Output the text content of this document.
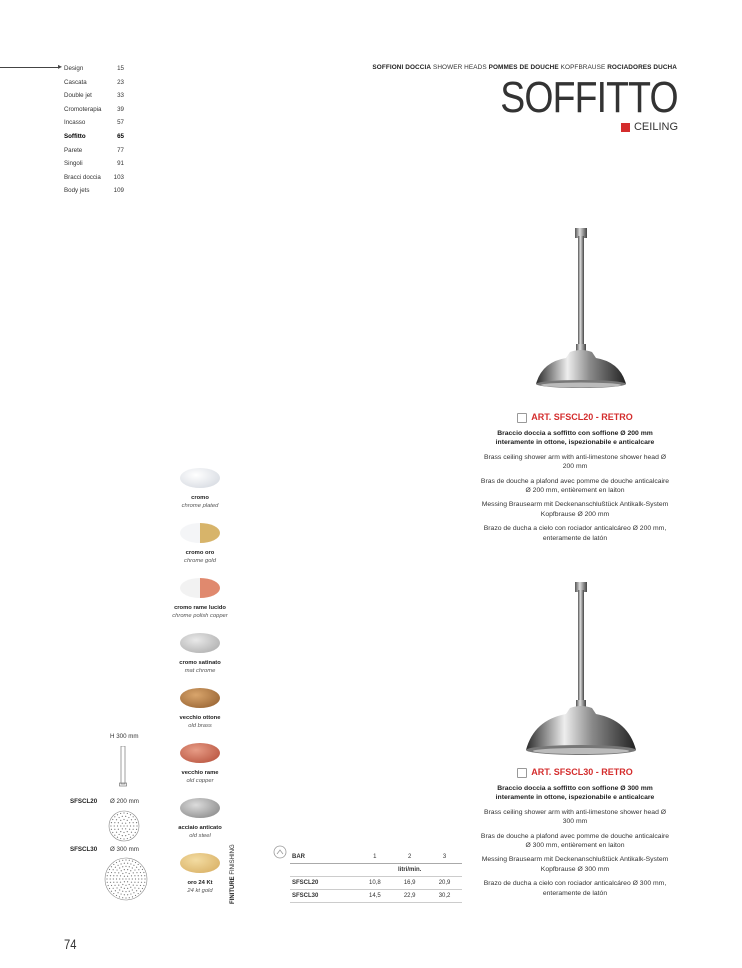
▸ Design	15
Cascata	23
Double jet	33
Cromoterapia	39
Incasso	57
Soffitto	65
Parete	77
Singoli	91
Bracci doccia 103
Body jets	109
SOFFIONI DOCCIA SHOWER HEADS POMMES DE DOUCHE KOPFBRAUSE ROCIADORES DUCHA
SOFFITTO
CEILING
ART. SFSCL20 - RETRO

Braccio doccia a soffitto con soffione Ø 200 mm interamente in ottone, ispezionabile e anticalcare

Brass ceiling shower arm with anti-limestone shower head Ø 200 mm

Bras de douche a plafond avec pomme de douche anticalcaire Ø 200 mm, entièrement en laiton

Messing Brausearm mit Deckenanschlußtück Antikalk-System Kopfbrause Ø 200 mm

Brazo de ducha a cielo con rociador anticalcáreo Ø 200 mm, enteramente de latón

ART. SFSCL30 - RETRO

Braccio doccia a soffitto con soffione Ø 300 mm interamente in ottone, ispezionabile e anticalcare

Brass ceiling shower arm with anti-limestone shower head Ø 300 mm

Bras de douche a plafond avec pomme de douche anticalcaire Ø 300 mm, entièrement en laiton

Messing Brausearm mit Deckenanschlußtück Antikalk-System Kopfbrause Ø 300 mm

Brazo de ducha a cielo con rociador anticalcáreo Ø 300 mm, enteramente de latón

cromo
chrome plated
cromo oro
chrome gold
cromo rame lucido
chrome polish copper
cromo satinato
mat chrome
vecchio ottone
old brass
vecchio rame
old copper
acciaio anticato
old steel
oro 24 Kt
24 kt gold	FINITURE FINISHING
H 300 mm
SFSCL20 Ø 200 mm
SFSCL30 Ø 300 mm
BAR	1	2	3
	litri/min.		
SFSCL20	10,8	16,9	20,9
SFSCL30	14,5	22,9	30,2
74
